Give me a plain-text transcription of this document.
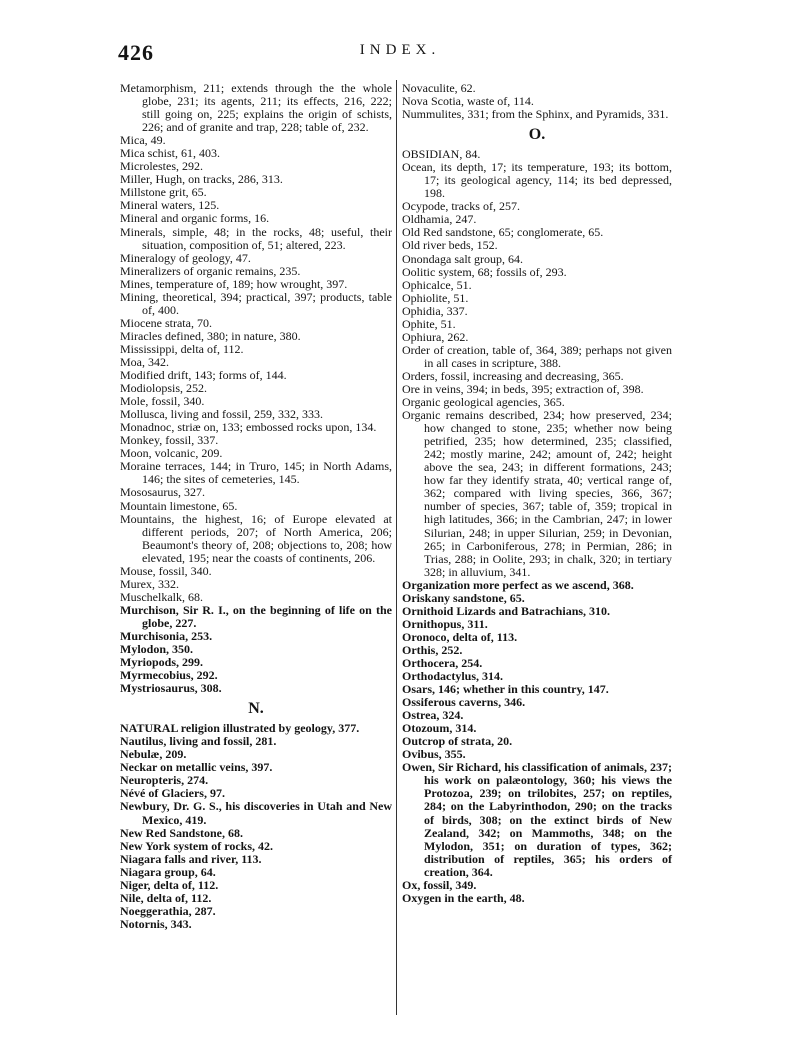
426	INDEX.

Metamorphism, 211; extends through the the whole globe, 231; its agents, 211; its effects, 216, 222; still going on, 225; explains the origin of schists, 226; and of granite and trap, 228; table of, 232.

Mica, 49.

Mica schist, 61, 403.

Microlestes, 292.

Miller, Hugh, on tracks, 286, 313.

Millstone grit, 65.

Mineral waters, 125.

Mineral and organic forms, 16.

Minerals, simple, 48; in the rocks, 48; useful, their situation, composition of, 51; altered, 223.

Mineralogy of geology, 47.

Mineralizers of organic remains, 235.

Mines, temperature of, 189; how wrought, 397.

Mining, theoretical, 394; practical, 397; products, table of, 400.

Miocene strata, 70.

Miracles defined, 380; in nature, 380.

Mississippi, delta of, 112.

Moa, 342.

Modified drift, 143; forms of, 144.

Modiolopsis, 252.

Mole, fossil, 340.

Mollusca, living and fossil, 259, 332, 333.

Monadnoc, striæ on, 133; embossed rocks upon, 134.

Monkey, fossil, 337.

Moon, volcanic, 209.

Moraine terraces, 144; in Truro, 145; in North Adams, 146; the sites of cemeteries, 145.

Mososaurus, 327.

Mountain limestone, 65.

Mountains, the highest, 16; of Europe elevated at different periods, 207; of North America, 206; Beaumont's theory of, 208; objections to, 208; how elevated, 195; near the coasts of continents, 206.

Mouse, fossil, 340.

Murex, 332.

Muschelkalk, 68.

Murchison, Sir R. I., on the beginning of life on the globe, 227.

Murchisonia, 253.

Mylodon, 350.

Myriopods, 299.

Myrmecobius, 292.

Mystriosaurus, 308.

N.

NATURAL religion illustrated by geology, 377.

Nautilus, living and fossil, 281.

Nebulæ, 209.

Neckar on metallic veins, 397.

Neuropteris, 274.

Névé of Glaciers, 97.

Newbury, Dr. G. S., his discoveries in Utah and New Mexico, 419.

New Red Sandstone, 68.

New York system of rocks, 42.

Niagara falls and river, 113.

Niagara group, 64.

Niger, delta of, 112.

Nile, delta of, 112.

Noeggerathia, 287.

Notornis, 343.

Novaculite, 62.

Nova Scotia, waste of, 114.

Nummulites, 331; from the Sphinx, and Pyramids, 331.

O.

OBSIDIAN, 84.

Ocean, its depth, 17; its temperature, 193; its bottom, 17; its geological agency, 114; its bed depressed, 198.

Ocypode, tracks of, 257.

Oldhamia, 247.

Old Red sandstone, 65; conglomerate, 65.

Old river beds, 152.

Onondaga salt group, 64.

Oolitic system, 68; fossils of, 293.

Ophicalce, 51.

Ophiolite, 51.

Ophidia, 337.

Ophite, 51.

Ophiura, 262.

Order of creation, table of, 364, 389; perhaps not given in all cases in scripture, 388.

Orders, fossil, increasing and decreasing, 365.

Ore in veins, 394; in beds, 395; extraction of, 398.

Organic geological agencies, 365.

Organic remains described, 234; how preserved, 234; how changed to stone, 235; whether now being petrified, 235; how determined, 235; classified, 242; mostly marine, 242; amount of, 242; height above the sea, 243; in different formations, 243; how far they identify strata, 40; vertical range of, 362; compared with living species, 366, 367; number of species, 367; table of, 359; tropical in high latitudes, 366; in the Cambrian, 247; in lower Silurian, 248; in upper Silurian, 259; in Devonian, 265; in Carboniferous, 278; in Permian, 286; in Trias, 288; in Oolite, 293; in chalk, 320; in tertiary 328; in alluvium, 341.

Organization more perfect as we ascend, 368.

Oriskany sandstone, 65.

Ornithoid Lizards and Batrachians, 310.

Ornithopus, 311.

Oronoco, delta of, 113.

Orthis, 252.

Orthocera, 254.

Orthodactylus, 314.

Osars, 146; whether in this country, 147.

Ossiferous caverns, 346.

Ostrea, 324.

Otozoum, 314.

Outcrop of strata, 20.

Ovibus, 355.

Owen, Sir Richard, his classification of animals, 237; his work on palæontology, 360; his views the Protozoa, 239; on trilobites, 257; on reptiles, 284; on the Labyrinthodon, 290; on the tracks of birds, 308; on the extinct birds of New Zealand, 342; on Mammoths, 348; on the Mylodon, 351; on duration of types, 362; distribution of reptiles, 365; his orders of creation, 364.

Ox, fossil, 349.

Oxygen in the earth, 48.
